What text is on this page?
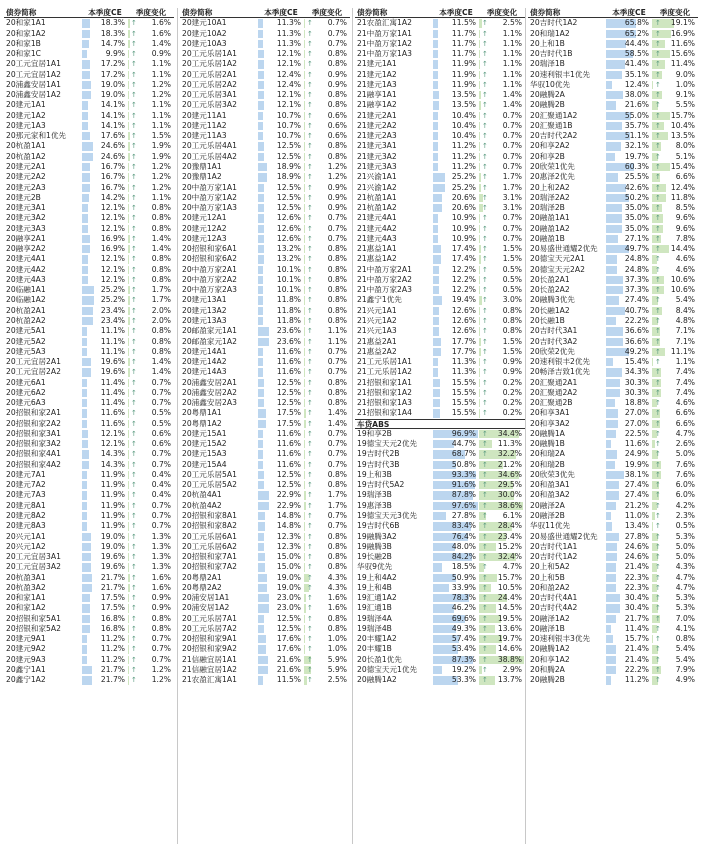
债券简称	本季度CE	季度变化
20和家1A1	18.3% ↑ 1.6%
20和家1A2	18.3% ↑ 1.6%
20和家1B	14.7% ↑ 1.4%
20和家1C	9.9% ↑ 0.9%
20工元宜居1A1	17.2% ↑ 1.1%
20工元宜居1A2	17.2% ↑ 1.1%
20浦鑫安居1A1	19.0% ↑ 1.2%
20浦鑫安居1A2	19.0% ↑ 1.2%
20建元1A1	14.1% ↑ 1.1%
20建元1A2	14.1% ↑ 1.1%
20建元1A3	14.1% ↑ 1.1%
20那元家和1优先	17.6% ↑ 1.5%
20杭盈1A1	24.6% ↑ 1.9%
20杭盈1A2	24.6% ↑ 1.9%
20建元2A1	16.7% ↑ 1.2%
20建元2A2	16.7% ↑ 1.2%
20建元2A3	16.7% ↑ 1.2%
20建元2B	14.2% ↑ 1.1%
20建元3A1	12.1% ↑ 0.8%
20建元3A2	12.1% ↑ 0.8%
20建元3A3	12.1% ↑ 0.8%
20融享2A1	16.9% ↑ 1.4%
20融享2A2	16.9% ↑ 1.4%
20建元4A1	12.1% ↑ 0.8%
20建元4A2	12.1% ↑ 0.8%
20建元4A3	12.1% ↑ 0.8%
20临融1A1	25.2% ↑ 1.7%
20临融1A2	25.2% ↑ 1.7%
20杭盈2A1	23.4% ↑ 2.0%
20杭盈2A2	23.4% ↑ 2.0%
20建元5A1	11.1% ↑ 0.8%
20建元5A2	11.1% ↑ 0.8%
20建元5A3	11.1% ↑ 0.8%
20工元宜居2A1	19.6% ↑ 1.4%
20工元宜居2A2	19.6% ↑ 1.4%
20建元6A1	11.4% ↑ 0.7%
20建元6A2	11.4% ↑ 0.7%
20建元6A3	11.4% ↑ 0.7%
20招银和家2A1	11.6% ↑ 0.5%
20招银和家2A2	11.6% ↑ 0.5%
20招银和家3A1	12.1% ↑ 0.6%
20招银和家3A2	12.1% ↑ 0.6%
20招银和家4A1	14.3% ↑ 0.7%
20招银和家4A2	14.3% ↑ 0.7%
20建元7A1	11.9% ↑ 0.4%
20建元7A2	11.9% ↑ 0.4%
20建元7A3	11.9% ↑ 0.4%
20建元8A1	11.9% ↑ 0.7%
20建元8A2	11.9% ↑ 0.7%
20建元8A3	11.9% ↑ 0.7%
20兴元1A1	19.0% ↑ 1.3%
20兴元1A2	19.0% ↑ 1.3%
20工元宜居3A1	19.6% ↑ 1.3%
20工元宜居3A2	19.6% ↑ 1.3%
20杭盈3A1	21.7% ↑ 1.6%
20杭盈3A2	21.7% ↑ 1.6%
20和家1A1	17.5% ↑ 0.9%
20和家1A2	17.5% ↑ 0.9%
20招银和家5A1	16.8% ↑ 0.8%
20招银和家5A2	16.8% ↑ 0.8%
20建元9A1	11.2% ↑ 0.7%
20建元9A2	11.2% ↑ 0.7%
20建元9A3	11.2% ↑ 0.7%
20鑫宁1A1	21.7% ↑ 1.2%
20鑫宁1A2	21.7% ↑ 1.2%
债券简称	本季度CE	季度变化
20建元10A1	11.3% ↑ 0.7%
20建元10A2	11.3% ↑ 0.7%
20建元10A3	11.3% ↑ 0.7%
20工元乐居1A1	12.1% ↑ 0.8%
20工元乐居1A2	12.1% ↑ 0.8%
20工元乐居2A1	12.4% ↑ 0.9%
20工元乐居2A2	12.4% ↑ 0.9%
20工元乐居3A1	12.1% ↑ 0.8%
20工元乐居3A2	12.1% ↑ 0.8%
20建元11A1	10.7% ↑ 0.6%
20建元11A2	10.7% ↑ 0.6%
20建元11A3	10.7% ↑ 0.6%
20工元乐居4A1	12.5% ↑ 0.8%
20工元乐居4A2	12.5% ↑ 0.8%
20豫鼎1A1	18.9% ↑ 1.2%
20豫鼎1A2	18.9% ↑ 1.2%
20中盈万家1A1	12.5% ↑ 0.9%
20中盈万家1A2	12.5% ↑ 0.9%
20中盈万家1A3	12.5% ↑ 0.9%
20建元12A1	12.6% ↑ 0.7%
20建元12A2	12.6% ↑ 0.7%
20建元12A3	12.6% ↑ 0.7%
20招银和家6A1	13.2% ↑ 0.8%
20招银和家6A2	13.2% ↑ 0.8%
20中盈万家2A1	10.1% ↑ 0.8%
20中盈万家2A2	10.1% ↑ 0.8%
20中盈万家2A3	10.1% ↑ 0.8%
20建元13A1	11.8% ↑ 0.8%
20建元13A2	11.8% ↑ 0.8%
20建元13A3	11.8% ↑ 0.8%
20邮盈家元1A1	23.6% ↑ 1.1%
20邮盈家元1A2	23.6% ↑ 1.1%
20建元14A1	11.6% ↑ 0.7%
20建元14A2	11.6% ↑ 0.7%
20建元14A3	11.6% ↑ 0.7%
20浦鑫安居2A1	12.5% ↑ 0.8%
20浦鑫安居2A2	12.5% ↑ 0.8%
20浦鑫安居2A3	12.5% ↑ 0.8%
20粤鼎1A1	17.5% ↑ 1.4%
20粤鼎1A2	17.5% ↑ 1.4%
20建元15A1	11.6% ↑ 0.7%
20建元15A2	11.6% ↑ 0.7%
20建元15A3	11.6% ↑ 0.7%
20建元15A4	11.6% ↑ 0.7%
20工元乐居5A1	12.5% ↑ 0.8%
20工元乐居5A2	12.5% ↑ 0.8%
20杭盈4A1	22.9% ↑ 1.7%
20杭盈4A2	22.9% ↑ 1.7%
20招银和家8A1	14.8% ↑ 0.7%
20招银和家8A2	14.8% ↑ 0.7%
20工元乐居6A1	12.3% ↑ 0.8%
20工元乐居6A2	12.3% ↑ 0.8%
20招银和家7A1	15.0% ↑ 0.8%
20招银和家7A2	15.0% ↑ 0.8%
20粤鼎2A1	19.0% ↑ 4.3%
20粤鼎2A2	19.0% ↑ 4.3%
20浦安居1A1	23.0% ↑ 1.6%
20浦安居1A2	23.0% ↑ 1.6%
20工元乐居7A1	12.5% ↑ 0.8%
20工元乐居7A2	12.5% ↑ 0.8%
20招银和家9A1	17.6% ↑ 1.0%
20招银和家9A2	17.6% ↑ 1.0%
21信融宜居1A1	21.6% ↑ 5.9%
21信融宜居1A2	21.6% ↑ 5.9%
21农盈汇寓1A1	11.5% ↑ 2.5%
债券简称	本季度CE	季度变化
21农盈汇寓1A2	11.5% ↑ 2.5%
21中盈万家1A1	11.7% ↑ 1.1%
21中盈万家1A2	11.7% ↑ 1.1%
21中盈万家1A3	11.7% ↑ 1.1%
21建元1A1	11.9% ↑ 1.1%
21建元1A2	11.9% ↑ 1.1%
21建元1A3	11.9% ↑ 1.1%
21融享1A1	13.5% ↑ 1.4%
21融享1A2	13.5% ↑ 1.4%
21建元2A1	10.4% ↑ 0.7%
21建元2A2	10.4% ↑ 0.7%
21建元2A3	10.4% ↑ 0.7%
21建元3A1	11.2% ↑ 0.7%
21建元3A2	11.2% ↑ 0.7%
21建元3A3	11.2% ↑ 0.7%
21兴渝1A1	25.2% ↑ 1.7%
21兴渝1A2	25.2% ↑ 1.7%
21杭盈1A1	20.6% ↑ 3.1%
21杭盈1A2	20.6% ↑ 3.1%
21建元4A1	10.9% ↑ 0.7%
21建元4A2	10.9% ↑ 0.7%
21建元4A3	10.9% ↑ 0.7%
21惠益1A1	17.4% ↑ 1.5%
21惠益1A2	17.4% ↑ 1.5%
21中盈万家2A1	12.2% ↑ 0.5%
21中盈万家2A2	12.2% ↑ 0.5%
21中盈万家2A3	12.2% ↑ 0.5%
21鑫宁1优先	19.4% ↑ 3.0%
21兴元1A1	12.6% ↑ 0.8%
21兴元1A2	12.6% ↑ 0.8%
21兴元1A3	12.6% ↑ 0.8%
21惠益2A1	17.7% ↑ 1.5%
21惠益2A2	17.7% ↑ 1.5%
21工元乐居1A1	11.3% ↑ 0.9%
21工元乐居1A2	11.3% ↑ 0.9%
21招银和家1A1	15.5% ↑ 0.2%
21招银和家1A2	15.5% ↑ 0.2%
21招银和家1A3	15.5% ↑ 0.2%
21招银和家1A4	15.5% ↑ 0.2%
车贷ABS
19和享2B	96.9% ↑ 34.4%
19德宝天元2优先	44.7% ↑ 11.3%
19吉时代2B	68.7% ↑ 32.2%
19吉时代3B	50.8% ↑ 21.2%
19上和3B	93.3% ↑ 34.6%
19吉时代5A2	91.6% ↑ 29.5%
19瑞泽3B	87.8% ↑ 30.0%
19惠泽3B	97.6% ↑ 38.6%
19德宝天元3优先	27.8% ↑ 6.1%
19吉时代6B	83.4% ↑ 28.4%
19融腾3A2	76.4% ↑ 23.4%
19融腾3B	48.0% ↑ 15.2%
19长融2B	84.2% ↑ 32.4%
华驭9优先	18.5% ↑ 4.7%
19上和4A2	50.9% ↑ 15.7%
19上和4B	33.9% ↑ 10.5%
19汇通1A2	78.3% ↑ 24.4%
19汇通1B	46.2% ↑ 14.5%
19瑞泽4A	69.6% ↑ 19.5%
19瑞泽4B	49.3% ↑ 13.6%
20丰耀1A2	57.4% ↑ 19.7%
20丰耀1B	53.4% ↑ 14.6%
20长盈1优先	87.3% ↑ 38.8%
20德宝天元1优先	19.2% ↑ 2.9%
20融腾1A2	53.3% ↑ 13.7%
债券简称	本季度CE	季度变化
20吉时代1A2	65.8% ↑ 19.1%
20和瑞1A2	65.2% ↑ 16.9%
20上和1B	44.4% ↑ 11.6%
20吉时代1B	58.5% ↑ 15.6%
20瑞泽1B	41.4% ↑ 11.4%
20速利银丰1优先	35.1% ↑ 9.0%
华驭10优先	12.4% ↑ 1.0%
20融腾2A	38.0% ↑ 9.1%
20融腾2B	21.6% ↑ 5.5%
20汇聚通1A2	55.0% ↑ 15.7%
20汇聚通1B	35.7% ↑ 10.4%
20吉时代2A2	51.1% ↑ 13.5%
20和享2A2	32.1% ↑ 8.0%
20和享2B	19.7% ↑ 5.1%
20欣荣1优先	60.3% ↑ 15.4%
20惠泽2优先	25.5% ↑ 6.6%
20上和2A2	42.6% ↑ 12.4%
20瑞泽2A2	50.2% ↑ 11.8%
20瑞泽2B	35.0% ↑ 8.5%
20融盈1A1	35.0% ↑ 9.6%
20融盈1A2	35.0% ↑ 9.6%
20融盈1B	27.1% ↑ 7.8%
20易盛世通耀2优先	49.7% ↑ 14.4%
20德宝天元2A1	24.8% ↑ 4.6%
20德宝天元2A2	24.8% ↑ 4.6%
20长盈2A1	37.3% ↑ 10.6%
20长盈2A2	37.3% ↑ 10.6%
20融腾3优先	27.4% ↑ 5.4%
20长融1A2	40.7% ↑ 8.4%
20长融1B	22.2% ↑ 4.8%
20吉时代3A1	36.6% ↑ 7.1%
20吉时代3A2	36.6% ↑ 7.1%
20欣荣2优先	49.2% ↑ 11.1%
20速利银丰2优先	15.4% ↑ 1.1%
20畅泽吉致1优先	34.3% ↑ 7.4%
20汇聚通2A1	30.3% ↑ 7.4%
20汇聚通2A2	30.3% ↑ 7.4%
20汇聚通2B	18.8% ↑ 4.6%
20和享3A1	27.0% ↑ 6.6%
20和享3A2	27.0% ↑ 6.6%
20融腾1A	22.5% ↑ 4.7%
20融腾1B	11.6% ↑ 2.6%
20和瑞2A	24.9% ↑ 5.0%
20和瑞2B	19.9% ↑ 7.6%
20欣荣3优先	38.1% ↑ 7.6%
20和盈3A1	27.4% ↑ 6.0%
20和盈3A2	27.4% ↑ 6.0%
20融泽2A	21.2% ↑ 4.2%
20融泽2B	11.0% ↑ 2.3%
华驭11优先	13.4% ↑ 0.5%
20易盛世通耀2优先	27.8% ↑ 5.3%
20吉时代1A1	24.6% ↑ 5.0%
20吉时代1A2	24.6% ↑ 5.0%
20上和5A2	21.4% ↑ 4.3%
20上和5B	22.3% ↑ 4.7%
20和盈2A2	22.3% ↑ 4.7%
20吉时代4A1	30.4% ↑ 5.3%
20吉时代4A2	30.4% ↑ 5.3%
20融泽1A2	21.7% ↑ 7.0%
20融泽1B	11.4% ↑ 4.1%
20速利银丰3优先	15.7% ↑ 0.8%
20融腾1A2	21.4% ↑ 5.4%
20和享1A2	21.4% ↑ 5.4%
20和腾2A	22.2% ↑ 7.9%
20融腾2B	11.2% ↑ 4.9%
